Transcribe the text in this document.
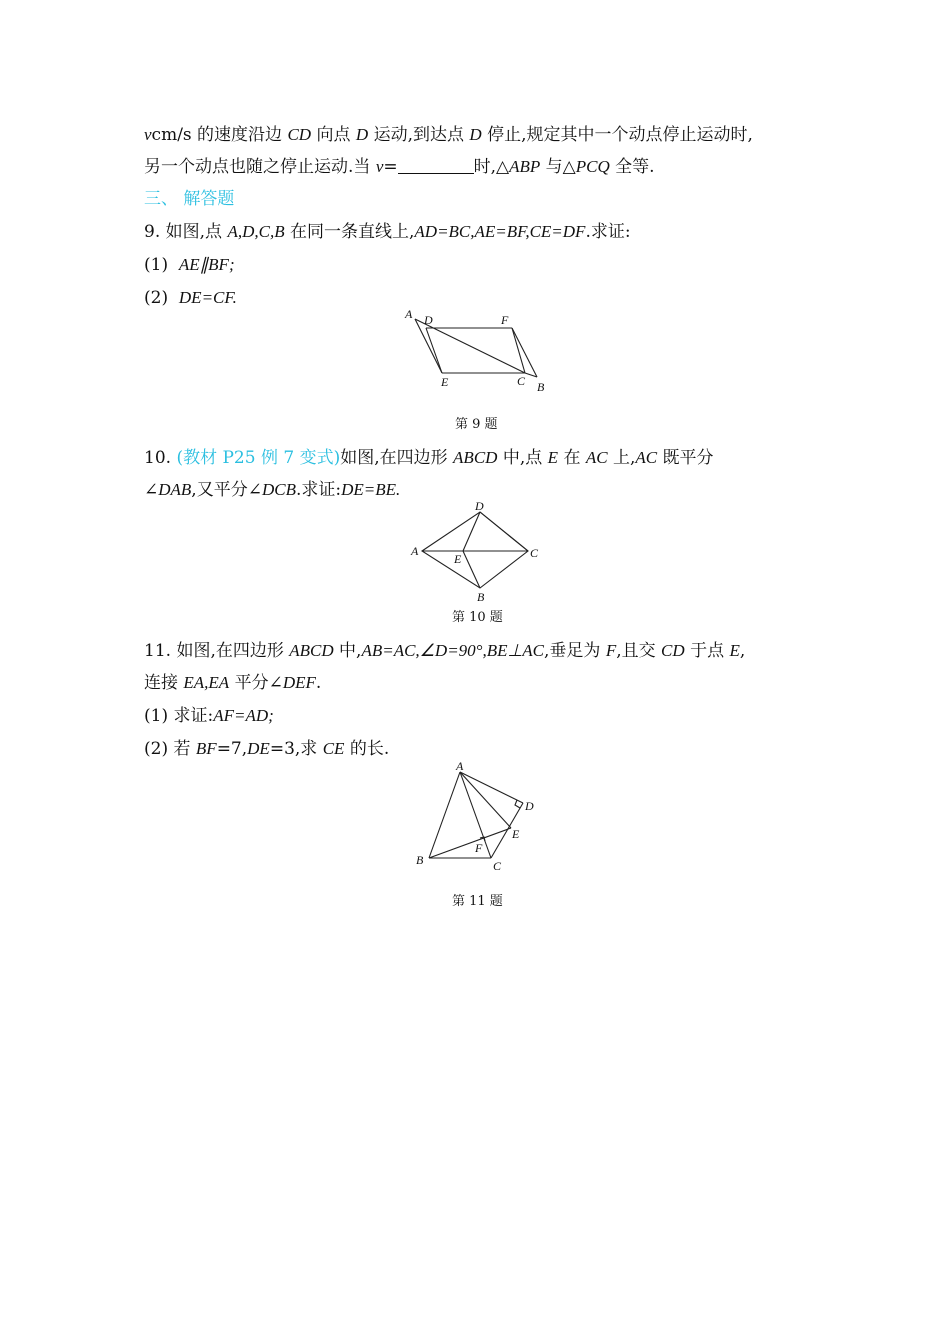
vcm/s 的速度沿边 CD 向点 D 运动,到达点 D 停止,规定其中一个动点停止运动时,
另一个动点也随之停止运动.当 v=	时,△ABP 与△PCQ 全等.
三、 解答题
9. 如图,点 A,D,C,B 在同一条直线上,AD=BC,AE=BF,CE=DF.求证:
(1) AE∥BF;
(2) DE=CF.
A D	F
E	C B
第 9 题
10. (教材 P25 例 7 变式)如图,在四边形 ABCD 中,点 E 在 AC 上,AC 既平分
∠DAB,又平分∠DCB.求证:DE=BE.
A
D
C
E
B
第 10 题
11. 如图,在四边形 ABCD 中,AB=AC,∠D=90°,BE⊥AC,垂足为 F,且交 CD 于点 E,
连接 EA,EA 平分∠DEF.
(1) 求证:AF=AD;
(2) 若 BF=7,DE=3,求 CE 的长.
A
D
E
F
B	C
第 11 题
